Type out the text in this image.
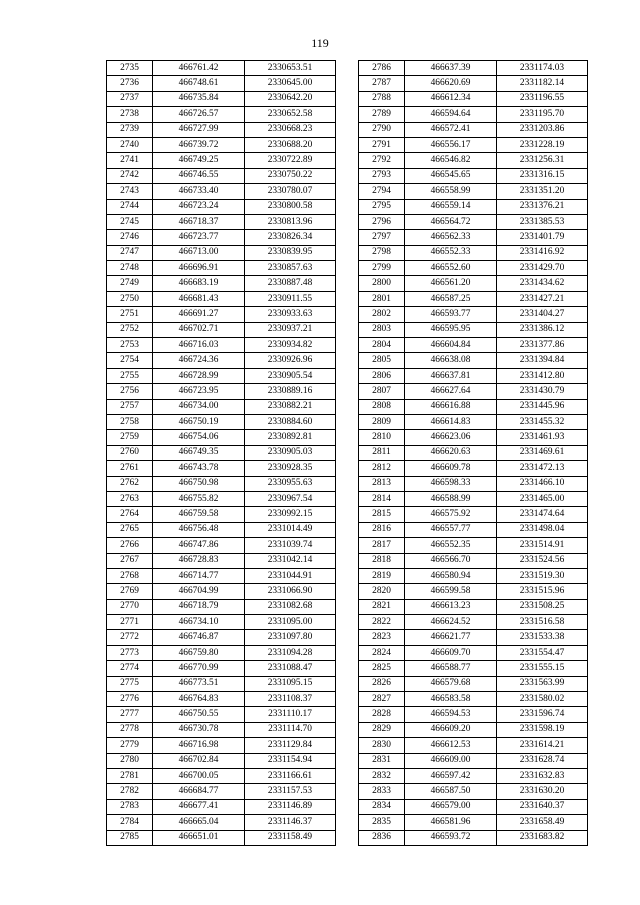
119
2735	466761.42	2330653.51
2736	466748.61	2330645.00
2737	466735.84	2330642.20
2738	466726.57	2330652.58
2739	466727.99	2330668.23
2740	466739.72	2330688.20
2741	466749.25	2330722.89
2742	466746.55	2330750.22
2743	466733.40	2330780.07
2744	466723.24	2330800.58
2745	466718.37	2330813.96
2746	466723.77	2330826.34
2747	466713.00	2330839.95
2748	466696.91	2330857.63
2749	466683.19	2330887.48
2750	466681.43	2330911.55
2751	466691.27	2330933.63
2752	466702.71	2330937.21
2753	466716.03	2330934.82
2754	466724.36	2330926.96
2755	466728.99	2330905.54
2756	466723.95	2330889.16
2757	466734.00	2330882.21
2758	466750.19	2330884.60
2759	466754.06	2330892.81
2760	466749.35	2330905.03
2761	466743.78	2330928.35
2762	466750.98	2330955.63
2763	466755.82	2330967.54
2764	466759.58	2330992.15
2765	466756.48	2331014.49
2766	466747.86	2331039.74
2767	466728.83	2331042.14
2768	466714.77	2331044.91
2769	466704.99	2331066.90
2770	466718.79	2331082.68
2771	466734.10	2331095.00
2772	466746.87	2331097.80
2773	466759.80	2331094.28
2774	466770.99	2331088.47
2775	466773.51	2331095.15
2776	466764.83	2331108.37
2777	466750.55	2331110.17
2778	466730.78	2331114.70
2779	466716.98	2331129.84
2780	466702.84	2331154.94
2781	466700.05	2331166.61
2782	466684.77	2331157.53
2783	466677.41	2331146.89
2784	466665.04	2331146.37
2785	466651.01	2331158.49
2786	466637.39	2331174.03
2787	466620.69	2331182.14
2788	466612.34	2331196.55
2789	466594.64	2331195.70
2790	466572.41	2331203.86
2791	466556.17	2331228.19
2792	466546.82	2331256.31
2793	466545.65	2331316.15
2794	466558.99	2331351.20
2795	466559.14	2331376.21
2796	466564.72	2331385.53
2797	466562.33	2331401.79
2798	466552.33	2331416.92
2799	466552.60	2331429.70
2800	466561.20	2331434.62
2801	466587.25	2331427.21
2802	466593.77	2331404.27
2803	466595.95	2331386.12
2804	466604.84	2331377.86
2805	466638.08	2331394.84
2806	466637.81	2331412.80
2807	466627.64	2331430.79
2808	466616.88	2331445.96
2809	466614.83	2331455.32
2810	466623.06	2331461.93
2811	466620.63	2331469.61
2812	466609.78	2331472.13
2813	466598.33	2331466.10
2814	466588.99	2331465.00
2815	466575.92	2331474.64
2816	466557.77	2331498.04
2817	466552.35	2331514.91
2818	466566.70	2331524.56
2819	466580.94	2331519.30
2820	466599.58	2331515.96
2821	466613.23	2331508.25
2822	466624.52	2331516.58
2823	466621.77	2331533.38
2824	466609.70	2331554.47
2825	466588.77	2331555.15
2826	466579.68	2331563.99
2827	466583.58	2331580.02
2828	466594.53	2331596.74
2829	466609.20	2331598.19
2830	466612.53	2331614.21
2831	466609.00	2331628.74
2832	466597.42	2331632.83
2833	466587.50	2331630.20
2834	466579.00	2331640.37
2835	466581.96	2331658.49
2836	466593.72	2331683.82
